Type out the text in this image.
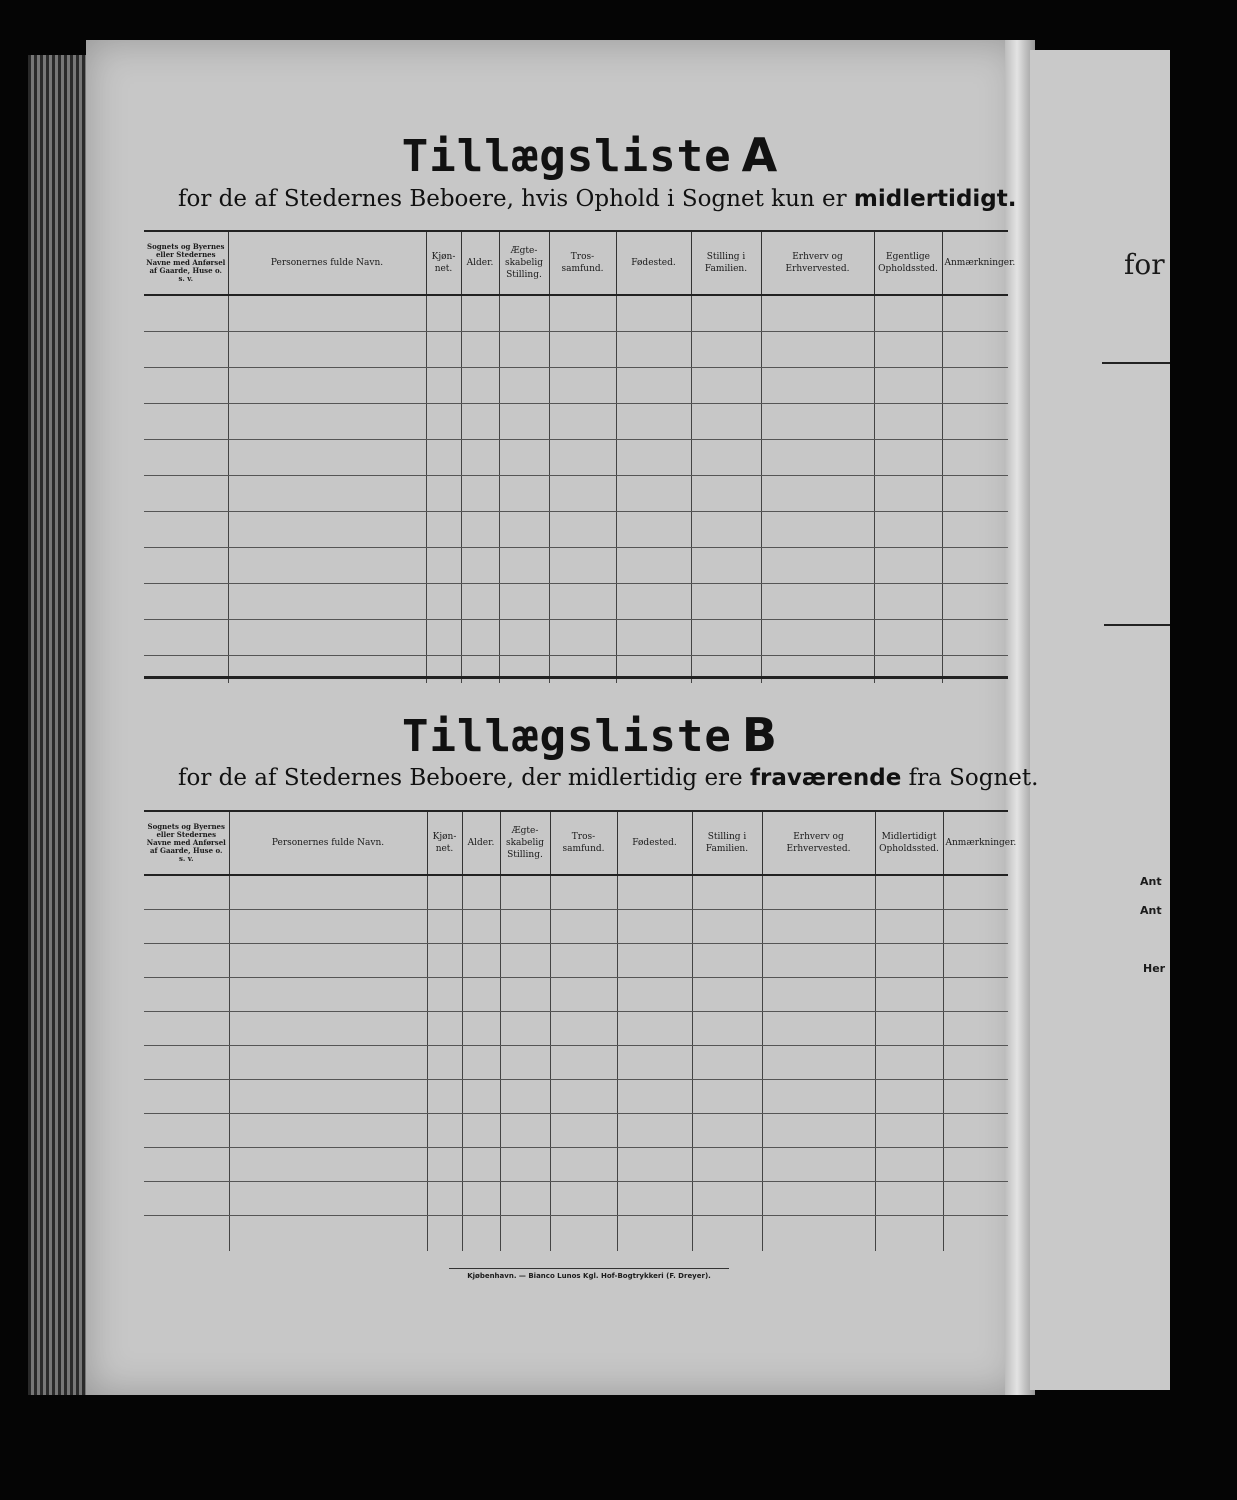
Tillægsliste A
for de af Stedernes Beboere, hvis Ophold i Sognet kun er midlertidigt.
Sognets og Byernes eller Stedernes Navne med Anførsel af Gaarde, Huse o. s. v.	Personernes fulde Navn.	Kjøn- net.	Alder.	Ægte- skabelig Stilling.	Tros- samfund.	Fødested.	Stilling i Familien.	Erhverv og Erhvervested.	Egentlige Opholdssted.	Anmærkninger.

Tillægsliste B
for de af Stedernes Beboere, der midlertidig ere fraværende fra Sognet.
Sognets og Byernes eller Stedernes Navne med Anførsel af Gaarde, Huse o. s. v.	Personernes fulde Navn.	Kjøn- net.	Alder.	Ægte- skabelig Stilling.	Tros- samfund.	Fødested.	Stilling i Familien.	Erhverv og Erhvervested.	Midlertidigt Opholdssted.	Anmærkninger.

Kjøbenhavn. — Bianco Lunos Kgl. Hof-Bogtrykkeri (F. Dreyer).
for
Ant
Ant
Her
